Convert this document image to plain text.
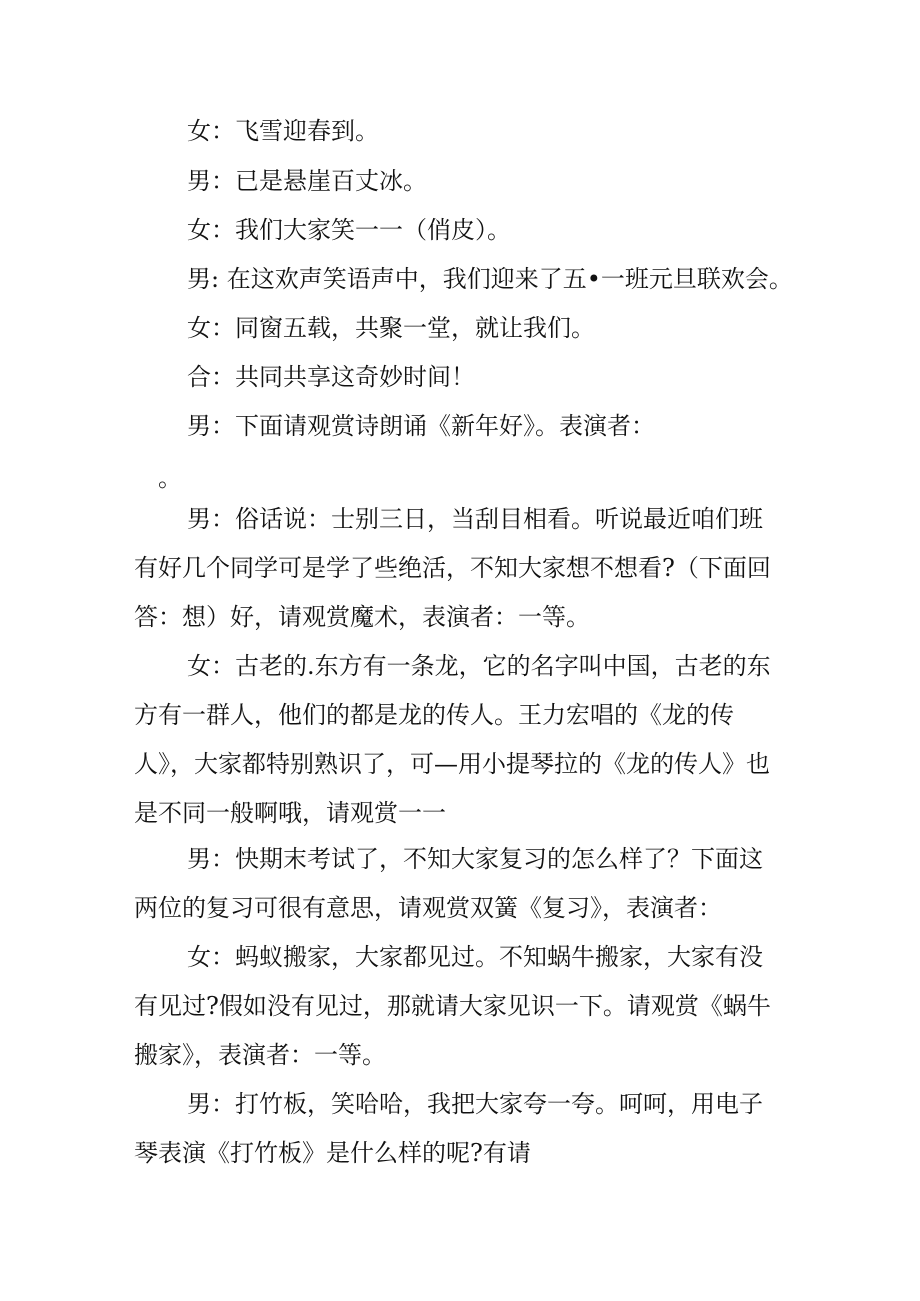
女：飞雪迎春到。

男：已是悬崖百丈冰。

女：我们大家笑一一（俏皮）。

男: 在这欢声笑语声中，我们迎来了五•一班元旦联欢会。

女：同窗五载，共聚一堂，就让我们。

合：共同共享这奇妙时间！

男：下面请观赏诗朗诵《新年好》。表演者：

。

男：俗话说：士别三日，当刮目相看。听说最近咱们班

有好几个同学可是学了些绝活，不知大家想不想看?（下面回

答：想）好，请观赏魔术，表演者：一等。

女：古老的.东方有一条龙，它的名字叫中国，古老的东

方有一群人，他们的都是龙的传人。王力宏唱的《龙的传

人》，大家都特别熟识了，可—用小提琴拉的《龙的传人》也

是不同一般啊哦，请观赏一一

男：快期末考试了，不知大家复习的怎么样了？下面这

两位的复习可很有意思，请观赏双簧《复习》，表演者：

女：蚂蚁搬家，大家都见过。不知蜗牛搬家，大家有没

有见过?假如没有见过，那就请大家见识一下。请观赏《蜗牛

搬家》，表演者：一等。

男：打竹板，笑哈哈，我把大家夸一夸。呵呵，用电子

琴表演《打竹板》是什么样的呢?有请
